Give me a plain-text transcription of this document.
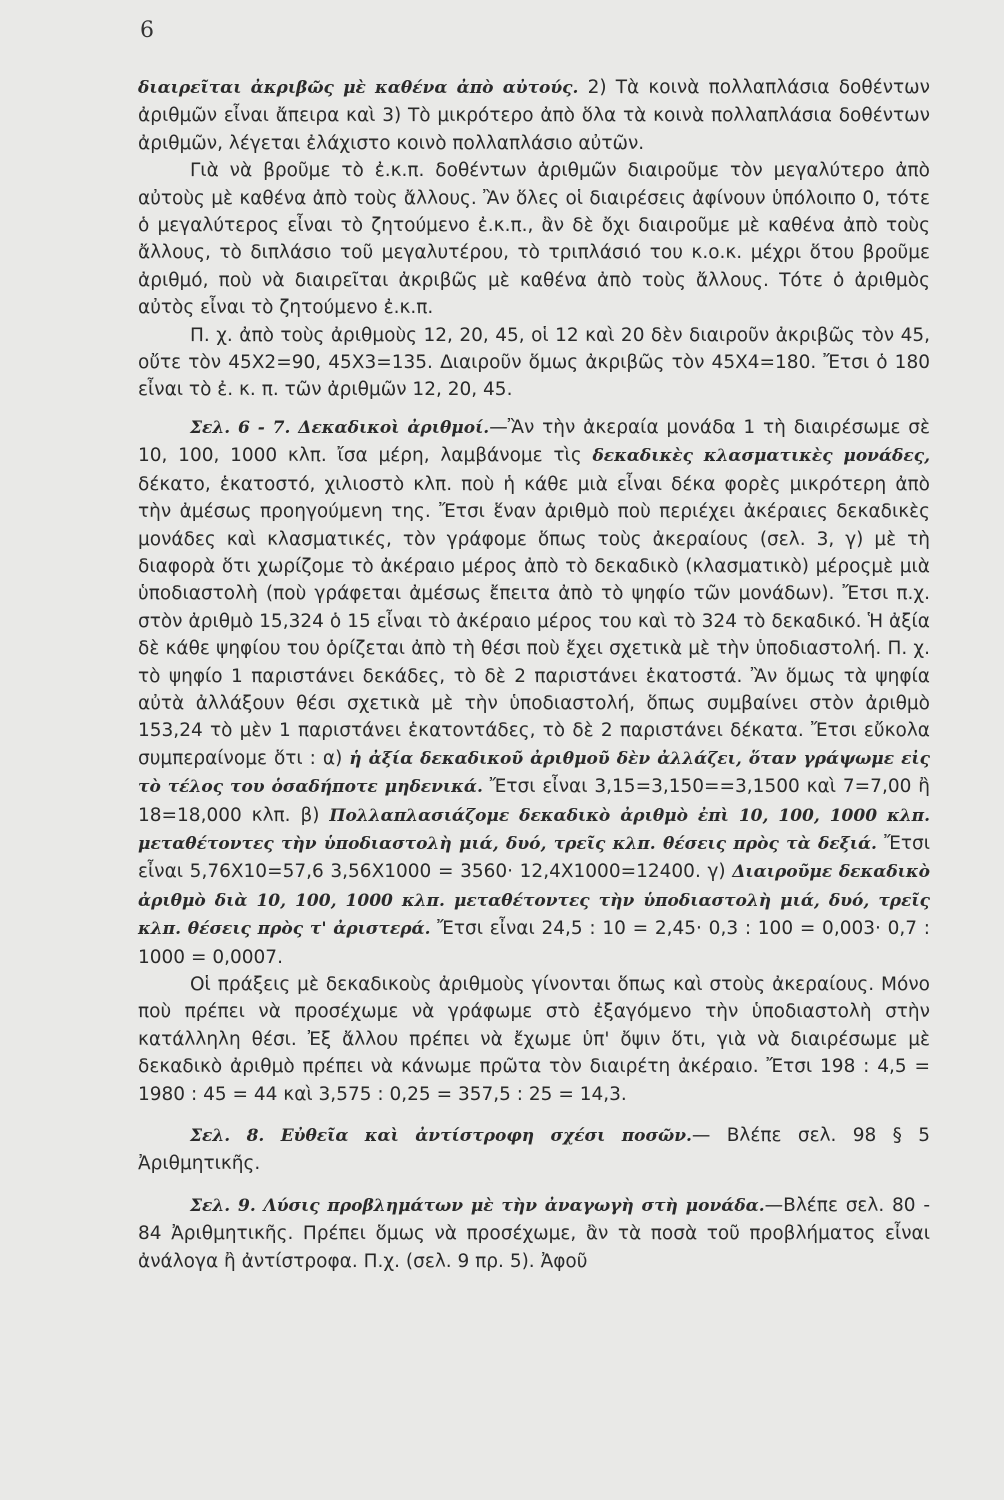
6

διαιρεῖται ἀκριβῶς μὲ καθένα ἀπὸ αὐτούς. 2) Τὰ κοινὰ πολλαπλάσια δοθέντων ἀριθμῶν εἶναι ἄπειρα καὶ 3) Τὸ μικρότερο ἀπὸ ὅλα τὰ κοινὰ πολλαπλάσια δοθέντων ἀριθμῶν, λέγεται ἐλάχιστο κοινὸ πολλαπλάσιο αὐτῶν.

Γιὰ νὰ βροῦμε τὸ ἐ.κ.π. δοθέντων ἀριθμῶν διαιροῦμε τὸν μεγαλύτερο ἀπὸ αὐτοὺς μὲ καθένα ἀπὸ τοὺς ἄλλους. Ἂν ὅλες οἱ διαιρέσεις ἀφίνουν ὑπόλοιπο 0, τότε ὁ μεγαλύτερος εἶναι τὸ ζητούμενο ἐ.κ.π., ἂν δὲ ὄχι διαιροῦμε μὲ καθένα ἀπὸ τοὺς ἄλλους, τὸ διπλάσιο τοῦ μεγαλυτέρου, τὸ τριπλάσιό του κ.ο.κ. μέχρι ὅτου βροῦμε ἀριθμό, ποὺ νὰ διαιρεῖται ἀκριβῶς μὲ καθένα ἀπὸ τοὺς ἄλλους. Τότε ὁ ἀριθμὸς αὐτὸς εἶναι τὸ ζητούμενο ἐ.κ.π.

Π. χ. ἀπὸ τοὺς ἀριθμοὺς 12, 20, 45, οἱ 12 καὶ 20 δὲν διαιροῦν ἀκριβῶς τὸν 45, οὔτε τὸν 45Χ2=90, 45Χ3=135. Διαιροῦν ὅμως ἀκριβῶς τὸν 45Χ4=180. Ἔτσι ὁ 180 εἶναι τὸ ἐ. κ. π. τῶν ἀριθμῶν 12, 20, 45.

Σελ. 6 - 7. Δεκαδικοὶ ἀριθμοί.—Ἂν τὴν ἀκεραία μονάδα 1 τὴ διαιρέσωμε σὲ 10, 100, 1000 κλπ. ἴσα μέρη, λαμβάνομε τὶς δεκαδικὲς κλασματικὲς μονάδες, δέκατο, ἑκατοστό, χιλιοστὸ κλπ. ποὺ ἡ κάθε μιὰ εἶναι δέκα φορὲς μικρότερη ἀπὸ τὴν ἀμέσως προηγούμενη της. Ἔτσι ἕναν ἀριθμὸ ποὺ περιέχει ἀκέραιες δεκαδικὲς μονάδες καὶ κλασματικές, τὸν γράφομε ὅπως τοὺς ἀκεραίους (σελ. 3, γ) μὲ τὴ διαφορὰ ὅτι χωρίζομε τὸ ἀκέραιο μέρος ἀπὸ τὸ δεκαδικὸ (κλασματικὸ) μέροςμὲ μιὰ ὑποδιαστολὴ (ποὺ γράφεται ἀμέσως ἔπειτα ἀπὸ τὸ ψηφίο τῶν μονάδων). Ἔτσι π.χ. στὸν ἀριθμὸ 15,324 ὁ 15 εἶναι τὸ ἀκέραιο μέρος του καὶ τὸ 324 τὸ δεκαδικό. Ἡ ἀξία δὲ κάθε ψηφίου του ὁρίζεται ἀπὸ τὴ θέσι ποὺ ἔχει σχετικὰ μὲ τὴν ὑποδιαστολή. Π. χ. τὸ ψηφίο 1 παριστάνει δεκάδες, τὸ δὲ 2 παριστάνει ἑκατοστά. Ἂν ὅμως τὰ ψηφία αὐτὰ ἀλλάξουν θέσι σχετικὰ μὲ τὴν ὑποδιαστολή, ὅπως συμβαίνει στὸν ἀριθμὸ 153,24 τὸ μὲν 1 παριστάνει ἑκατοντάδες, τὸ δὲ 2 παριστάνει δέκατα. Ἔτσι εὔκολα συμπεραίνομε ὅτι : α) ἡ ἀξία δεκαδικοῦ ἀριθμοῦ δὲν ἀλλάζει, ὅταν γράψωμε εἰς τὸ τέλος του ὁσαδήποτε μηδενικά. Ἔτσι εἶναι 3,15=3,150==3,1500 καὶ 7=7,00 ἢ 18=18,000 κλπ. β) Πολλαπλασιάζομε δεκαδικὸ ἀριθμὸ ἐπὶ 10, 100, 1000 κλπ. μεταθέτοντες τὴν ὑποδιαστολὴ μιά, δυό, τρεῖς κλπ. θέσεις πρὸς τὰ δεξιά. Ἔτσι εἶναι 5,76Χ10=57,6 3,56Χ1000 = 3560· 12,4Χ1000=12400. γ) Διαιροῦμε δεκαδικὸ ἀριθμὸ διὰ 10, 100, 1000 κλπ. μεταθέτοντες τὴν ὑποδιαστολὴ μιά, δυό, τρεῖς κλπ. θέσεις πρὸς τ' ἀριστερά. Ἔτσι εἶναι 24,5 : 10 = 2,45· 0,3 : 100 = 0,003· 0,7 : 1000 = 0,0007.

Οἱ πράξεις μὲ δεκαδικοὺς ἀριθμοὺς γίνονται ὅπως καὶ στοὺς ἀκεραίους. Μόνο ποὺ πρέπει νὰ προσέχωμε νὰ γράφωμε στὸ ἐξαγόμενο τὴν ὑποδιαστολὴ στὴν κατάλληλη θέσι. Ἐξ ἄλλου πρέπει νὰ ἔχωμε ὑπ' ὄψιν ὅτι, γιὰ νὰ διαιρέσωμε μὲ δεκαδικὸ ἀριθμὸ πρέπει νὰ κάνωμε πρῶτα τὸν διαιρέτη ἀκέραιο. Ἔτσι 198 : 4,5 = 1980 : 45 = 44 καὶ 3,575 : 0,25 = 357,5 : 25 = 14,3.

Σελ. 8. Εὐθεῖα καὶ ἀντίστροφη σχέσι ποσῶν.— Βλέπε σελ. 98 § 5 Ἀριθμητικῆς.

Σελ. 9. Λύσις προβλημάτων μὲ τὴν ἀναγωγὴ στὴ μονάδα.—Βλέπε σελ. 80 - 84 Ἀριθμητικῆς. Πρέπει ὅμως νὰ προσέχωμε, ἂν τὰ ποσὰ τοῦ προβλήματος εἶναι ἀνάλογα ἢ ἀντίστροφα. Π.χ. (σελ. 9 πρ. 5). Ἀφοῦ
